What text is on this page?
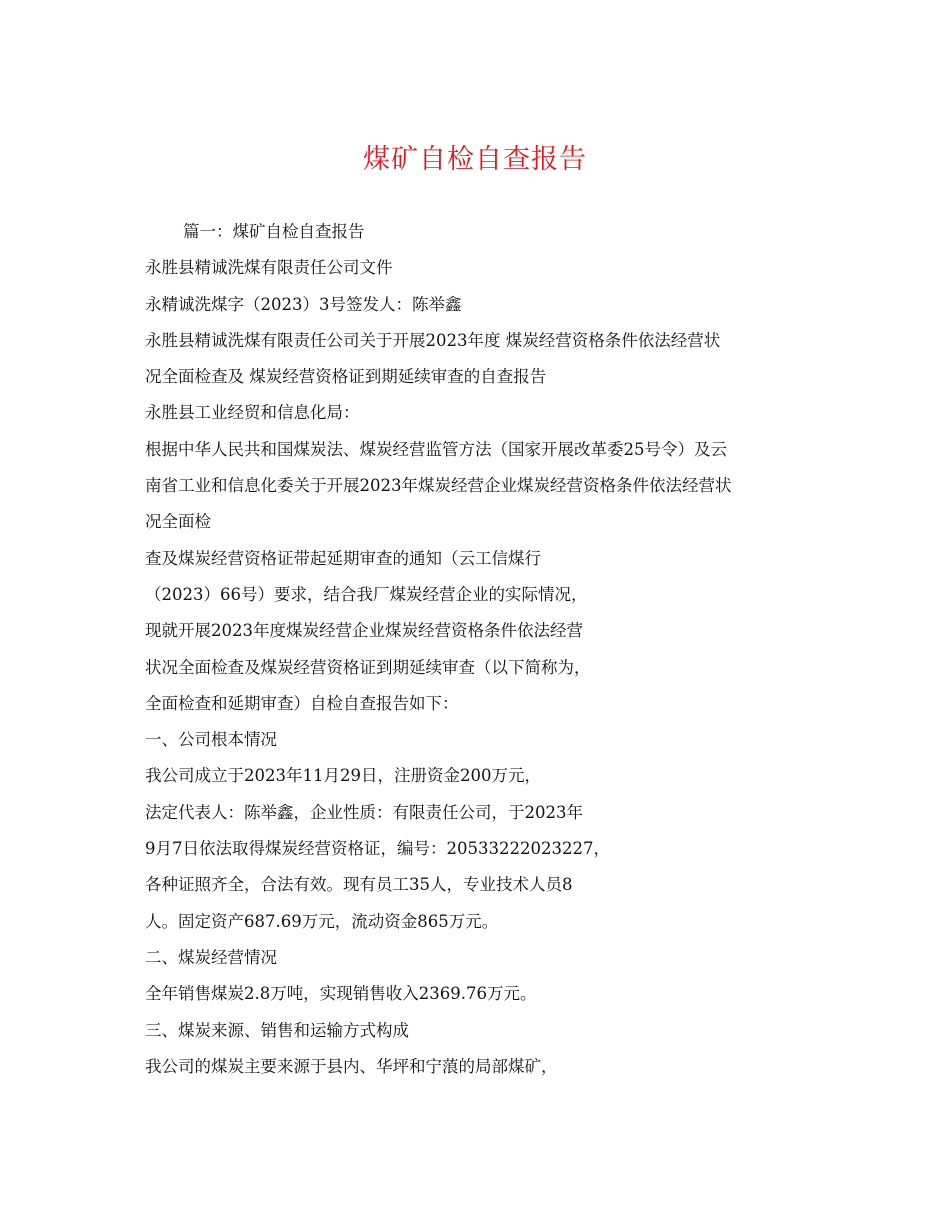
煤矿自检自查报告
篇一：煤矿自检自查报告
永胜县精诚洗煤有限责任公司文件
永精诚洗煤字（2023）3号签发人：陈举鑫
永胜县精诚洗煤有限责任公司关于开展2023年度 煤炭经营资格条件依法经营状
况全面检查及 煤炭经营资格证到期延续审查的自查报告
永胜县工业经贸和信息化局：
根据中华人民共和国煤炭法、煤炭经营监管方法（国家开展改革委25号令）及云
南省工业和信息化委关于开展2023年煤炭经营企业煤炭经营资格条件依法经营状
况全面检
查及煤炭经营资格证带起延期审查的通知（云工信煤行
（2023）66号）要求，结合我厂煤炭经营企业的实际情况，
现就开展2023年度煤炭经营企业煤炭经营资格条件依法经营
状况全面检查及煤炭经营资格证到期延续审查（以下简称为，
全面检查和延期审查）自检自查报告如下：
一、公司根本情况
我公司成立于2023年11月29日，注册资金200万元，
法定代表人：陈举鑫，企业性质：有限责任公司，于2023年
9月7日依法取得煤炭经营资格证，编号：20533222023227，
各种证照齐全，合法有效。现有员工35人，专业技术人员8
人。固定资产687.69万元，流动资金865万元。
二、煤炭经营情况
全年销售煤炭2.8万吨，实现销售收入2369.76万元。
三、煤炭来源、销售和运输方式构成
我公司的煤炭主要来源于县内、华坪和宁蒗的局部煤矿，
